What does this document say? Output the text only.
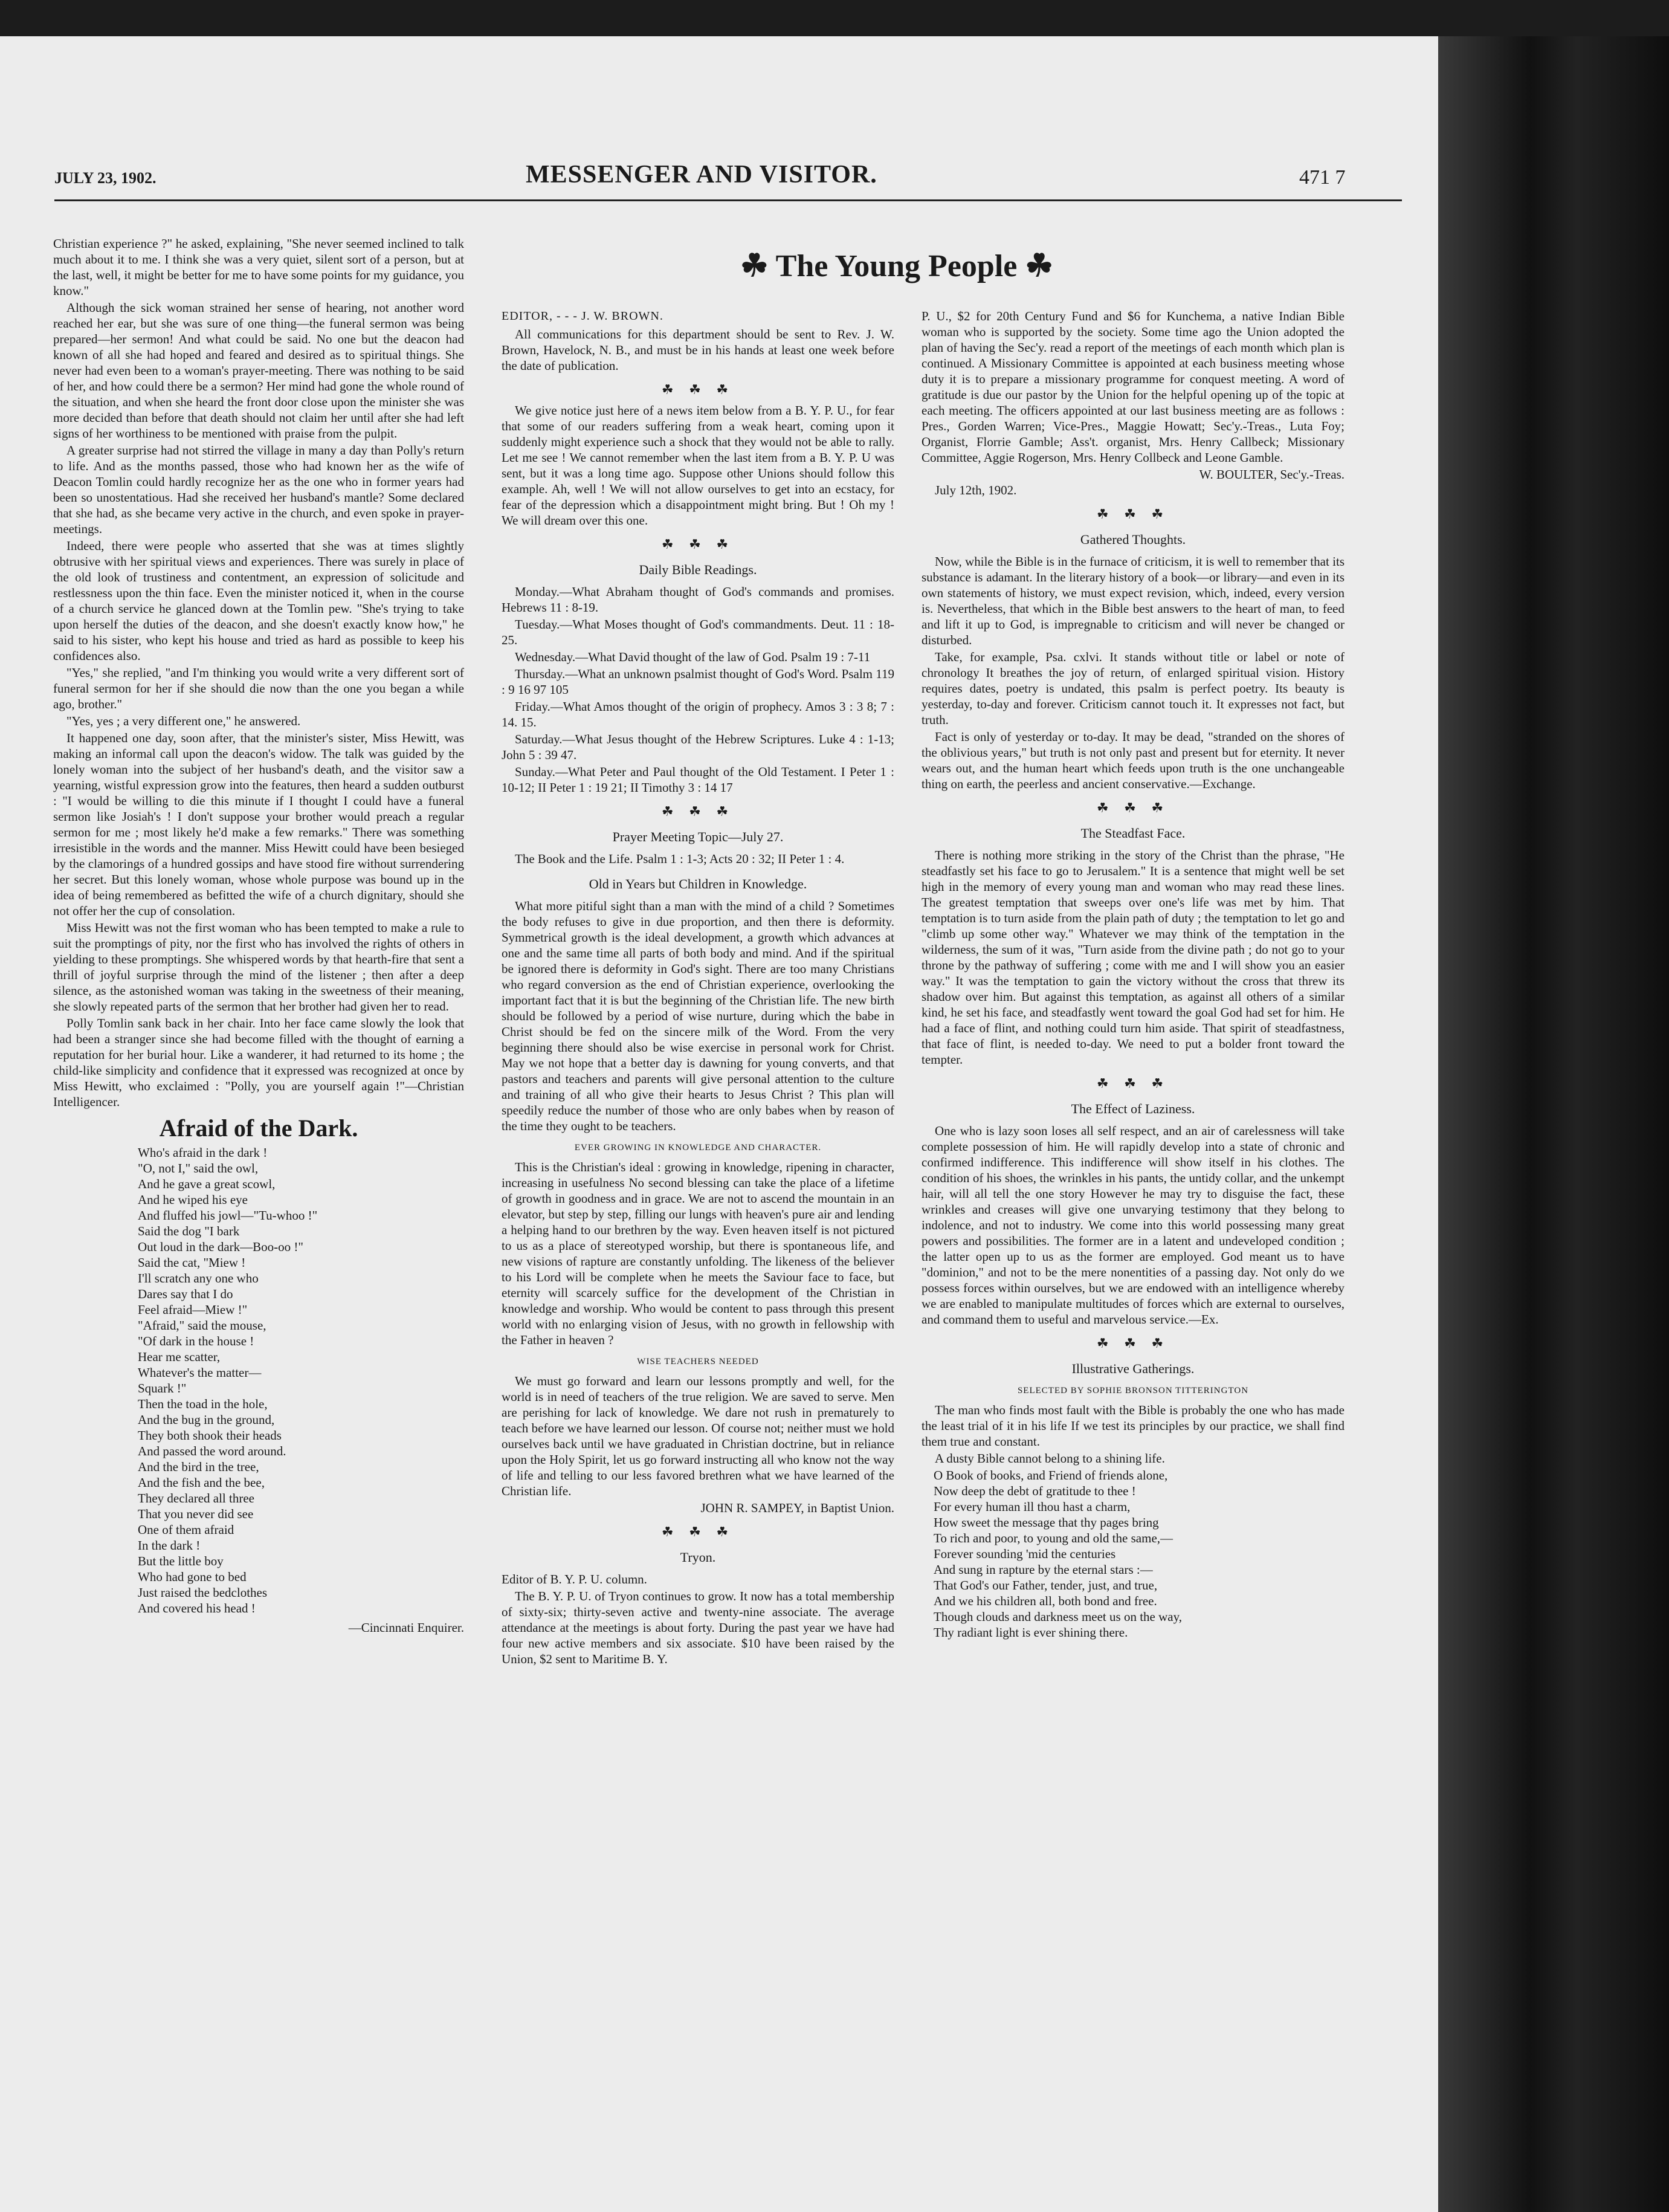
JULY 23, 1902.	MESSENGER AND VISITOR.	471 7
☘ The Young People ☘

Christian experience ?" he asked, explaining, "She never seemed inclined to talk much about it to me. I think she was a very quiet, silent sort of a person, but at the last, well, it might be better for me to have some points for my guidance, you know."

Although the sick woman strained her sense of hearing, not another word reached her ear, but she was sure of one thing—the funeral sermon was being prepared—her sermon! And what could be said. No one but the deacon had known of all she had hoped and feared and desired as to spiritual things. She never had even been to a woman's prayer-meeting. There was nothing to be said of her, and how could there be a sermon? Her mind had gone the whole round of the situation, and when she heard the front door close upon the minister she was more decided than before that death should not claim her until after she had left signs of her worthiness to be mentioned with praise from the pulpit.

A greater surprise had not stirred the village in many a day than Polly's return to life. And as the months passed, those who had known her as the wife of Deacon Tomlin could hardly recognize her as the one who in former years had been so unostentatious. Had she received her husband's mantle? Some declared that she had, as she became very active in the church, and even spoke in prayer-meetings.

Indeed, there were people who asserted that she was at times slightly obtrusive with her spiritual views and experiences. There was surely in place of the old look of trustiness and contentment, an expression of solicitude and restlessness upon the thin face. Even the minister noticed it, when in the course of a church service he glanced down at the Tomlin pew. "She's trying to take upon herself the duties of the deacon, and she doesn't exactly know how," he said to his sister, who kept his house and tried as hard as possible to keep his confidences also.

"Yes," she replied, "and I'm thinking you would write a very different sort of funeral sermon for her if she should die now than the one you began a while ago, brother."

"Yes, yes ; a very different one," he answered.

It happened one day, soon after, that the minister's sister, Miss Hewitt, was making an informal call upon the deacon's widow. The talk was guided by the lonely woman into the subject of her husband's death, and the visitor saw a yearning, wistful expression grow into the features, then heard a sudden outburst : "I would be willing to die this minute if I thought I could have a funeral sermon like Josiah's ! I don't suppose your brother would preach a regular sermon for me ; most likely he'd make a few remarks." There was something irresistible in the words and the manner. Miss Hewitt could have been besieged by the clamorings of a hundred gossips and have stood fire without surrendering her secret. But this lonely woman, whose whole purpose was bound up in the idea of being remembered as befitted the wife of a church dignitary, should she not offer her the cup of consolation.

Miss Hewitt was not the first woman who has been tempted to make a rule to suit the promptings of pity, nor the first who has involved the rights of others in yielding to these promptings. She whispered words by that hearth-fire that sent a thrill of joyful surprise through the mind of the listener ; then after a deep silence, as the astonished woman was taking in the sweetness of their meaning, she slowly repeated parts of the sermon that her brother had given her to read.

Polly Tomlin sank back in her chair. Into her face came slowly the look that had been a stranger since she had become filled with the thought of earning a reputation for her burial hour. Like a wanderer, it had returned to its home ; the child-like simplicity and confidence that it expressed was recognized at once by Miss Hewitt, who exclaimed : "Polly, you are yourself again !"—Christian Intelligencer.

Afraid of the Dark.
Who's afraid in the dark !
"O, not I," said the owl,
And he gave a great scowl,
And he wiped his eye
And fluffed his jowl—"Tu-whoo !"
Said the dog "I bark
Out loud in the dark—Boo-oo !"
Said the cat, "Miew !
I'll scratch any one who
Dares say that I do
Feel afraid—Miew !"
"Afraid," said the mouse,
"Of dark in the house !
Hear me scatter,
Whatever's the matter—
Squark !"
Then the toad in the hole,
And the bug in the ground,
They both shook their heads
And passed the word around.
And the bird in the tree,
And the fish and the bee,
They declared all three
That you never did see
One of them afraid
In the dark !
But the little boy
Who had gone to bed
Just raised the bedclothes
And covered his head !
—Cincinnati Enquirer.
EDITOR, - - - J. W. BROWN.

All communications for this department should be sent to Rev. J. W. Brown, Havelock, N. B., and must be in his hands at least one week before the date of publication.

☘ ☘ ☘

We give notice just here of a news item below from a B. Y. P. U., for fear that some of our readers suffering from a weak heart, coming upon it suddenly might experience such a shock that they would not be able to rally. Let me see ! We cannot remember when the last item from a B. Y. P. U was sent, but it was a long time ago. Suppose other Unions should follow this example. Ah, well ! We will not allow ourselves to get into an ecstacy, for fear of the depression which a disappointment might bring. But ! Oh my ! We will dream over this one.

☘ ☘ ☘
Daily Bible Readings.

Monday.—What Abraham thought of God's commands and promises. Hebrews 11 : 8-19.

Tuesday.—What Moses thought of God's commandments. Deut. 11 : 18-25.

Wednesday.—What David thought of the law of God. Psalm 19 : 7-11

Thursday.—What an unknown psalmist thought of God's Word. Psalm 119 : 9 16 97 105

Friday.—What Amos thought of the origin of prophecy. Amos 3 : 3 8; 7 : 14. 15.

Saturday.—What Jesus thought of the Hebrew Scriptures. Luke 4 : 1-13; John 5 : 39 47.

Sunday.—What Peter and Paul thought of the Old Testament. I Peter 1 : 10-12; II Peter 1 : 19 21; II Timothy 3 : 14 17

☘ ☘ ☘
Prayer Meeting Topic—July 27.

The Book and the Life. Psalm 1 : 1-3; Acts 20 : 32; II Peter 1 : 4.

Old in Years but Children in Knowledge.

What more pitiful sight than a man with the mind of a child ? Sometimes the body refuses to give in due proportion, and then there is deformity. Symmetrical growth is the ideal development, a growth which advances at one and the same time all parts of both body and mind. And if the spiritual be ignored there is deformity in God's sight. There are too many Christians who regard conversion as the end of Christian experience, overlooking the important fact that it is but the beginning of the Christian life. The new birth should be followed by a period of wise nurture, during which the babe in Christ should be fed on the sincere milk of the Word. From the very beginning there should also be wise exercise in personal work for Christ. May we not hope that a better day is dawning for young converts, and that pastors and teachers and parents will give personal attention to the culture and training of all who give their hearts to Jesus Christ ? This plan will speedily reduce the number of those who are only babes when by reason of the time they ought to be teachers.

EVER GROWING IN KNOWLEDGE AND CHARACTER.

This is the Christian's ideal : growing in knowledge, ripening in character, increasing in usefulness No second blessing can take the place of a lifetime of growth in goodness and in grace. We are not to ascend the mountain in an elevator, but step by step, filling our lungs with heaven's pure air and lending a helping hand to our brethren by the way. Even heaven itself is not pictured to us as a place of stereotyped worship, but there is spontaneous life, and new visions of rapture are constantly unfolding. The likeness of the believer to his Lord will be complete when he meets the Saviour face to face, but eternity will scarcely suffice for the development of the Christian in knowledge and worship. Who would be content to pass through this present world with no enlarging vision of Jesus, with no growth in fellowship with the Father in heaven ?

WISE TEACHERS NEEDED

We must go forward and learn our lessons promptly and well, for the world is in need of teachers of the true religion. We are saved to serve. Men are perishing for lack of knowledge. We dare not rush in prematurely to teach before we have learned our lesson. Of course not; neither must we hold ourselves back until we have graduated in Christian doctrine, but in reliance upon the Holy Spirit, let us go forward instructing all who know not the way of life and telling to our less favored brethren what we have learned of the Christian life.

JOHN R. SAMPEY, in Baptist Union.
☘ ☘ ☘
Tryon.

Editor of B. Y. P. U. column.

The B. Y. P. U. of Tryon continues to grow. It now has a total membership of sixty-six; thirty-seven active and twenty-nine associate. The average attendance at the meetings is about forty. During the past year we have had four new active members and six associate. $10 have been raised by the Union, $2 sent to Maritime B. Y.

P. U., $2 for 20th Century Fund and $6 for Kunchema, a native Indian Bible woman who is supported by the society. Some time ago the Union adopted the plan of having the Sec'y. read a report of the meetings of each month which plan is continued. A Missionary Committee is appointed at each business meeting whose duty it is to prepare a missionary programme for conquest meeting. A word of gratitude is due our pastor by the Union for the helpful opening up of the topic at each meeting. The officers appointed at our last business meeting are as follows : Pres., Gorden Warren; Vice-Pres., Maggie Howatt; Sec'y.-Treas., Luta Foy; Organist, Florrie Gamble; Ass't. organist, Mrs. Henry Callbeck; Missionary Committee, Aggie Rogerson, Mrs. Henry Collbeck and Leone Gamble.

W. BOULTER, Sec'y.-Treas.

July 12th, 1902.

☘ ☘ ☘
Gathered Thoughts.

Now, while the Bible is in the furnace of criticism, it is well to remember that its substance is adamant. In the literary history of a book—or library—and even in its own statements of history, we must expect revision, which, indeed, every version is. Nevertheless, that which in the Bible best answers to the heart of man, to feed and lift it up to God, is impregnable to criticism and will never be changed or disturbed.

Take, for example, Psa. cxlvi. It stands without title or label or note of chronology It breathes the joy of return, of enlarged spiritual vision. History requires dates, poetry is undated, this psalm is perfect poetry. Its beauty is yesterday, to-day and forever. Criticism cannot touch it. It expresses not fact, but truth.

Fact is only of yesterday or to-day. It may be dead, "stranded on the shores of the oblivious years," but truth is not only past and present but for eternity. It never wears out, and the human heart which feeds upon truth is the one unchangeable thing on earth, the peerless and ancient conservative.—Exchange.

☘ ☘ ☘
The Steadfast Face.

There is nothing more striking in the story of the Christ than the phrase, "He steadfastly set his face to go to Jerusalem." It is a sentence that might well be set high in the memory of every young man and woman who may read these lines. The greatest temptation that sweeps over one's life was met by him. That temptation is to turn aside from the plain path of duty ; the temptation to let go and "climb up some other way." Whatever we may think of the temptation in the wilderness, the sum of it was, "Turn aside from the divine path ; do not go to your throne by the pathway of suffering ; come with me and I will show you an easier way." It was the temptation to gain the victory without the cross that threw its shadow over him. But against this temptation, as against all others of a similar kind, he set his face, and steadfastly went toward the goal God had set for him. He had a face of flint, and nothing could turn him aside. That spirit of steadfastness, that face of flint, is needed to-day. We need to put a bolder front toward the tempter.

☘ ☘ ☘
The Effect of Laziness.

One who is lazy soon loses all self respect, and an air of carelessness will take complete possession of him. He will rapidly develop into a state of chronic and confirmed indifference. This indifference will show itself in his clothes. The condition of his shoes, the wrinkles in his pants, the untidy collar, and the unkempt hair, will all tell the one story However he may try to disguise the fact, these wrinkles and creases will give one unvarying testimony that they belong to indolence, and not to industry. We come into this world possessing many great powers and possibilities. The former are in a latent and undeveloped condition ; the latter open up to us as the former are employed. God meant us to have "dominion," and not to be the mere nonentities of a passing day. Not only do we possess forces within ourselves, but we are endowed with an intelligence whereby we are enabled to manipulate multitudes of forces which are external to ourselves, and command them to useful and marvelous service.—Ex.

☘ ☘ ☘
Illustrative Gatherings.
SELECTED BY SOPHIE BRONSON TITTERINGTON

The man who finds most fault with the Bible is probably the one who has made the least trial of it in his life If we test its principles by our practice, we shall find them true and constant.

A dusty Bible cannot belong to a shining life.

O Book of books, and Friend of friends alone,
Now deep the debt of gratitude to thee !
For every human ill thou hast a charm,
How sweet the message that thy pages bring
To rich and poor, to young and old the same,—
Forever sounding 'mid the centuries
And sung in rapture by the eternal stars :—
That God's our Father, tender, just, and true,
And we his children all, both bond and free.
Though clouds and darkness meet us on the way,
Thy radiant light is ever shining there.
